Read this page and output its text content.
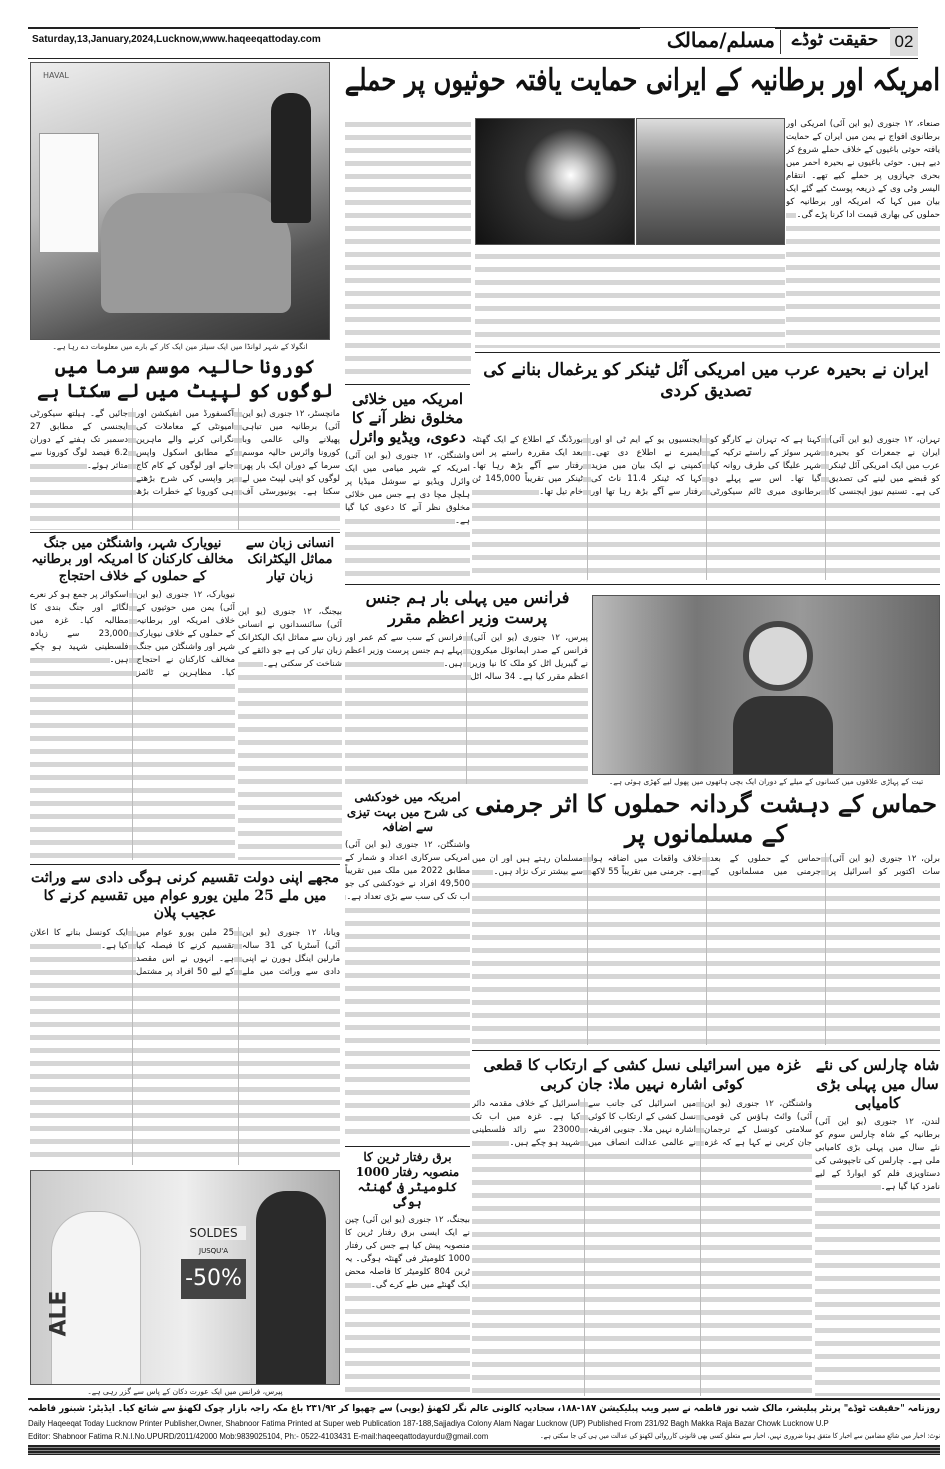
Saturday,13,January,2024,Lucknow,www.haqeeqattoday.com	مسلم/ممالک حقیقت ٹوڈے 02
HAVAL
انگولا کے شہر لوانڈا میں ایک سیلز مین ایک کار کے بارے میں معلومات دے رہا ہے۔
امریکہ اور برطانیہ کے ایرانی حمایت یافتہ حوثیوں پر حملے
صنعاء، ۱۲ جنوری (یو این آئی) امریکی اور برطانوی افواج نے یمن میں ایران کے حمایت یافتہ حوثی باغیوں کے خلاف حملے شروع کر دیے ہیں۔ حوثی باغیوں نے بحیرہ احمر میں بحری جہازوں پر حملے کیے تھے۔ انتقام الیسر وٹی وی کے ذریعہ پوسٹ کیے گئے ایک بیان میں کہا کہ امریکہ اور برطانیہ کو حملوں کی بھاری قیمت ادا کرنا پڑے گی۔
کورونا حالیہ موسم سرما میں لوگوں کو لپیٹ میں لے سکتا ہے
مانچسٹر، ۱۲ جنوری (یو این آئی) برطانیہ میں تباہی پھیلانے والی عالمی وبا کورونا وائرس حالیہ موسم سرما کے دوران ایک بار پھر لوگوں کو اپنی لپیٹ میں لے سکتا ہے۔ یونیورسٹی آف آکسفورڈ میں انفیکشن اور امیونٹی کے معاملات کی نگرانی کرنے والے ماہرین کے مطابق اسکول واپس جانے اور لوگوں کے کام کاج پر واپسی کی شرح بڑھتے ہی کورونا کے خطرات بڑھ جائیں گے۔ ہیلتھ سیکورٹی ایجنسی کے مطابق 27 دسمبر تک ہفتے کے دوران 6.2 فیصد لوگ کورونا سے متاثر ہوئے۔
امریکہ میں خلائی مخلوق نظر آنے کا دعوی، ویڈیو وائرل
واشنگٹن، ۱۲ جنوری (یو این آئی) امریکہ کے شہر میامی میں ایک وائرل ویڈیو نے سوشل میڈیا پر ہلچل مچا دی ہے جس میں خلائی مخلوق نظر آنے کا دعوی کیا گیا ہے۔
ایران نے بحیرہ عرب میں امریکی آئل ٹینکر کو یرغمال بنانے کی تصدیق کردی
تہران، ۱۲ جنوری (یو این آئی) ایران نے جمعرات کو بحیرہ عرب میں ایک امریکی آئل ٹینکر کو قبضے میں لینے کی تصدیق کی ہے۔ تسنیم نیوز ایجنسی کا کہنا ہے کہ تہران نے کارگو کو شہر سوئز کے راستے ترکیہ کے شہر علیگا کی طرف روانہ کیا گیا تھا۔ اس سے پہلے دو برطانوی میری ٹائم سیکورٹی ایجنسیوں یو کے ایم ٹی او اور ایمبرے نے اطلاع دی تھی۔ کمپنی نے ایک بیان میں مزید کہا کہ ٹینکر 11.4 ناٹ کی رفتار سے آگے بڑھ رہا تھا اور بورڈنگ کے اطلاع کے ایک گھنٹہ بعد ایک مقررہ راستے پر اس رفتار سے آگے بڑھ رہا تھا۔ ٹینکر میں تقریباً 145,000 ٹن خام تیل تھا۔
نیویارک شہر، واشنگٹن میں جنگ مخالف کارکنان کا امریکہ اور برطانیہ کے حملوں کے خلاف احتجاج
نیویارک، ۱۲ جنوری (یو این آئی) یمن میں حوثیوں کے خلاف امریکہ اور برطانیہ کے حملوں کے خلاف نیویارک شہر اور واشنگٹن میں جنگ مخالف کارکنان نے احتجاج کیا۔ مظاہرین نے ٹائمز اسکوائر پر جمع ہو کر نعرے لگائے اور جنگ بندی کا مطالبہ کیا۔ غزہ میں 23,000 سے زیادہ فلسطینی شہید ہو چکے ہیں۔
انسانی زبان سے مماثل الیکٹرانک زبان تیار
بیجنگ، ۱۲ جنوری (یو این آئی) سائنسدانوں نے انسانی زبان سے مماثل ایک الیکٹرانک زبان تیار کی ہے جو ذائقے کی شناخت کر سکتی ہے۔
فرانس میں پہلی بار ہم جنس پرست وزیر اعظم مقرر
پیرس، ۱۲ جنوری (یو این آئی) فرانس کے صدر ایمانوئل میکرون نے گیبریل اٹل کو ملک کا نیا وزیر اعظم مقرر کیا ہے۔ 34 سالہ اٹل فرانس کے سب سے کم عمر اور پہلے ہم جنس پرست وزیر اعظم ہیں۔
تبت کے پہاڑی علاقوں میں کسانوں کے میلے کے دوران ایک بچی ہاتھوں میں پھول لیے کھڑی ہوئی ہے۔
حماس کے دہشت گردانہ حملوں کا اثر جرمنی کے مسلمانوں پر
برلن، ۱۲ جنوری (یو این آئی) سات اکتوبر کو اسرائیل پر حماس کے حملوں کے بعد جرمنی میں مسلمانوں کے خلاف واقعات میں اضافہ ہوا ہے۔ جرمنی میں تقریباً 55 لاکھ مسلمان رہتے ہیں اور ان میں سے بیشتر ترک نژاد ہیں۔
امریکہ میں خودکشی کی شرح میں بہت تیزی سے اضافہ
واشنگٹن، ۱۲ جنوری (یو این آئی) امریکی سرکاری اعداد و شمار کے مطابق 2022 میں ملک میں تقریباً 49,500 افراد نے خودکشی کی جو اب تک کی سب سے بڑی تعداد ہے۔
مجھے اپنی دولت تقسیم کرنی ہوگی دادی سے وراثت میں ملے 25 ملین یورو عوام میں تقسیم کرنے کا عجیب پلان
ویانا، ۱۲ جنوری (یو این آئی) آسٹریا کی 31 سالہ مارلین اینگل ہورن نے اپنی دادی سے وراثت میں ملے 25 ملین یورو عوام میں تقسیم کرنے کا فیصلہ کیا ہے۔ انہوں نے اس مقصد کے لیے 50 افراد پر مشتمل ایک کونسل بنانے کا اعلان کیا ہے۔
ALE
SOLDES
JUSQU'A
-50%
پیرس، فرانس میں ایک عورت دکان کے پاس سے گزر رہی ہے۔
غزہ میں اسرائیلی نسل کشی کے ارتکاب کا قطعی کوئی اشارہ نہیں ملا: جان کربی
واشنگٹن، ۱۲ جنوری (یو این آئی) وائٹ ہاؤس کی قومی سلامتی کونسل کے ترجمان جان کربی نے کہا ہے کہ غزہ میں اسرائیل کی جانب سے نسل کشی کے ارتکاب کا کوئی اشارہ نہیں ملا۔ جنوبی افریقہ نے عالمی عدالت انصاف میں اسرائیل کے خلاف مقدمہ دائر کیا ہے۔ غزہ میں اب تک 23000 سے زائد فلسطینی شہید ہو چکے ہیں۔
شاہ چارلس کی نئے سال میں پہلی بڑی کامیابی
لندن، ۱۲ جنوری (یو این آئی) برطانیہ کے شاہ چارلس سوم کو نئے سال میں پہلی بڑی کامیابی ملی ہے۔ چارلس کی تاجپوشی کی دستاویزی فلم کو ایوارڈ کے لیے نامزد کیا گیا ہے۔
برق رفتار ٹرین کا منصوبہ رفتار 1000 کلومیٹر فی گھنٹہ ہوگی
بیجنگ، ۱۲ جنوری (یو این آئی) چین نے ایک ایسی برق رفتار ٹرین کا منصوبہ پیش کیا ہے جس کی رفتار 1000 کلومیٹر فی گھنٹہ ہوگی۔ یہ ٹرین 804 کلومیٹر کا فاصلہ محض ایک گھنٹے میں طے کرے گی۔
روزنامہ "حقیقت ٹوڈے" پرنٹر پبلیشر، مالک شب نور فاطمہ نے سپر ویب پبلیکیشن ۱۸۷-۱۸۸، سجادیہ کالونی عالم نگر لکھنؤ (یوپی) سے چھپوا کر ۲۳۱/۹۲ باغ مکہ راجہ بازار چوک لکھنؤ سے شائع کیا۔ ایڈیٹر: شبنور فاطمہ
Daily Haqeeqat Today Lucknow Printer Publisher,Owner, Shabnoor Fatima Printed at Super web Publication 187-188,Sajjadiya Colony Alam Nagar Lucknow (UP) Published From 231/92 Bagh Makka Raja Bazar Chowk Lucknow U.P
Editor: Shabnoor Fatima R.N.I.No.UPURD/2011/42000 Mob:9839025104, Ph:- 0522-4103431 E-mail:haqeeqattodayurdu@gmail.com	نوٹ: اخبار میں شائع مضامین سے اخبار کا متفق ہونا ضروری نہیں، اخبار سے متعلق کسی بھی قانونی کارروائی لکھنؤ کی عدالت میں ہی کی جا سکتی ہے۔
